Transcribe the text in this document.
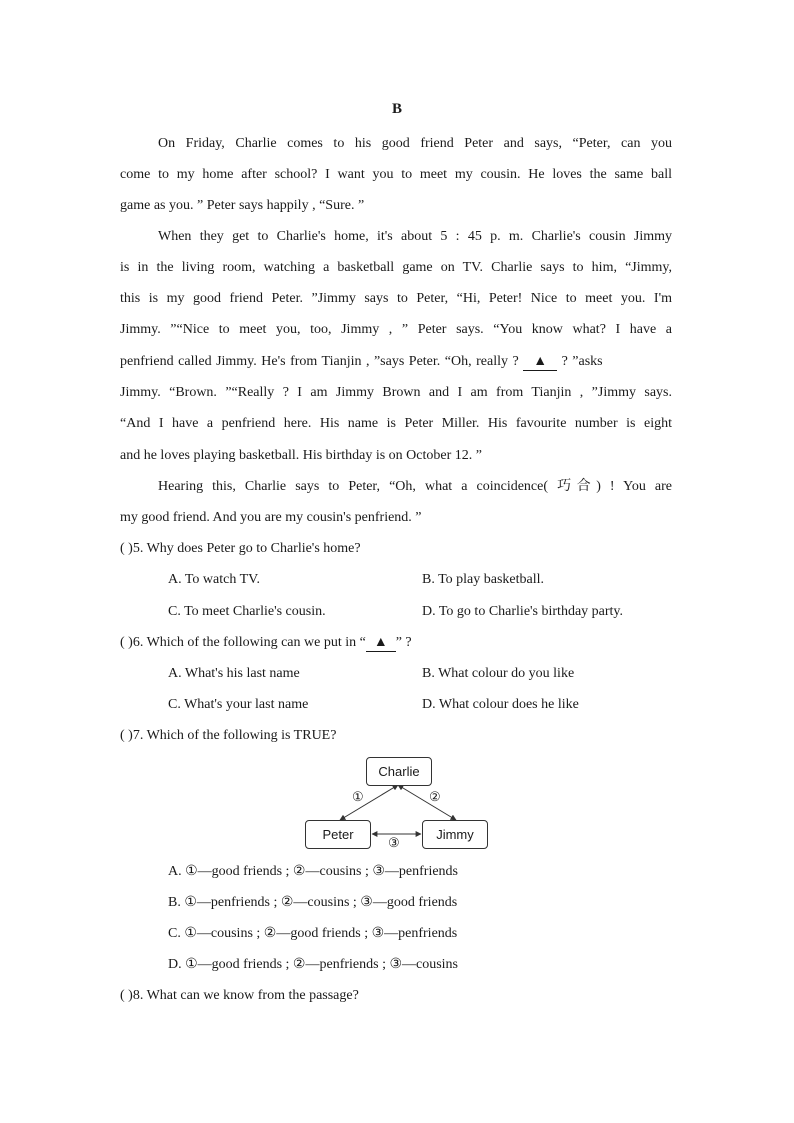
B
On Friday, Charlie comes to his good friend Peter and says, “Peter, can you
come to my home after school? I want you to meet my cousin. He loves the same ball
game as you. ” Peter says happily , “Sure. ”
When they get to Charlie's home, it's about 5 : 45 p. m. Charlie's cousin Jimmy
is in the living room, watching a basketball game on TV. Charlie says to him, “Jimmy,
this is my good friend Peter. ”Jimmy says to Peter, “Hi, Peter! Nice to meet you. I'm
Jimmy. ”“Nice to meet you, too, Jimmy , ” Peter says. “You know what? I have a
penfriend called Jimmy. He's from Tianjin , ”says Peter. “Oh, really ? ▲ ? ”asks
Jimmy. “Brown. ”“Really ? I am Jimmy Brown and I am from Tianjin , ”Jimmy says.
“And I have a penfriend here. His name is Peter Miller. His favourite number is eight
and he loves playing basketball. His birthday is on October 12. ”
Hearing this, Charlie says to Peter, “Oh, what a coincidence( 巧合) ! You are
my good friend. And you are my cousin's penfriend. ”
( )5. Why does Peter go to Charlie's home?
A. To watch TV.	B. To play basketball.
C. To meet Charlie's cousin.	D. To go to Charlie's birthday party.
( )6. Which of the following can we put in “ ▲ ” ?
A. What's his last name	B. What colour do you like
C. What's your last name	D. What colour does he like
( )7. Which of the following is TRUE?
Charlie
Peter	Jimmy
①	②
③
A. ①—good friends ; ②—cousins ; ③—penfriends
B. ①—penfriends ; ②—cousins ; ③—good friends
C. ①—cousins ; ②—good friends ; ③—penfriends
D. ①—good friends ; ②—penfriends ; ③—cousins
( )8. What can we know from the passage?
